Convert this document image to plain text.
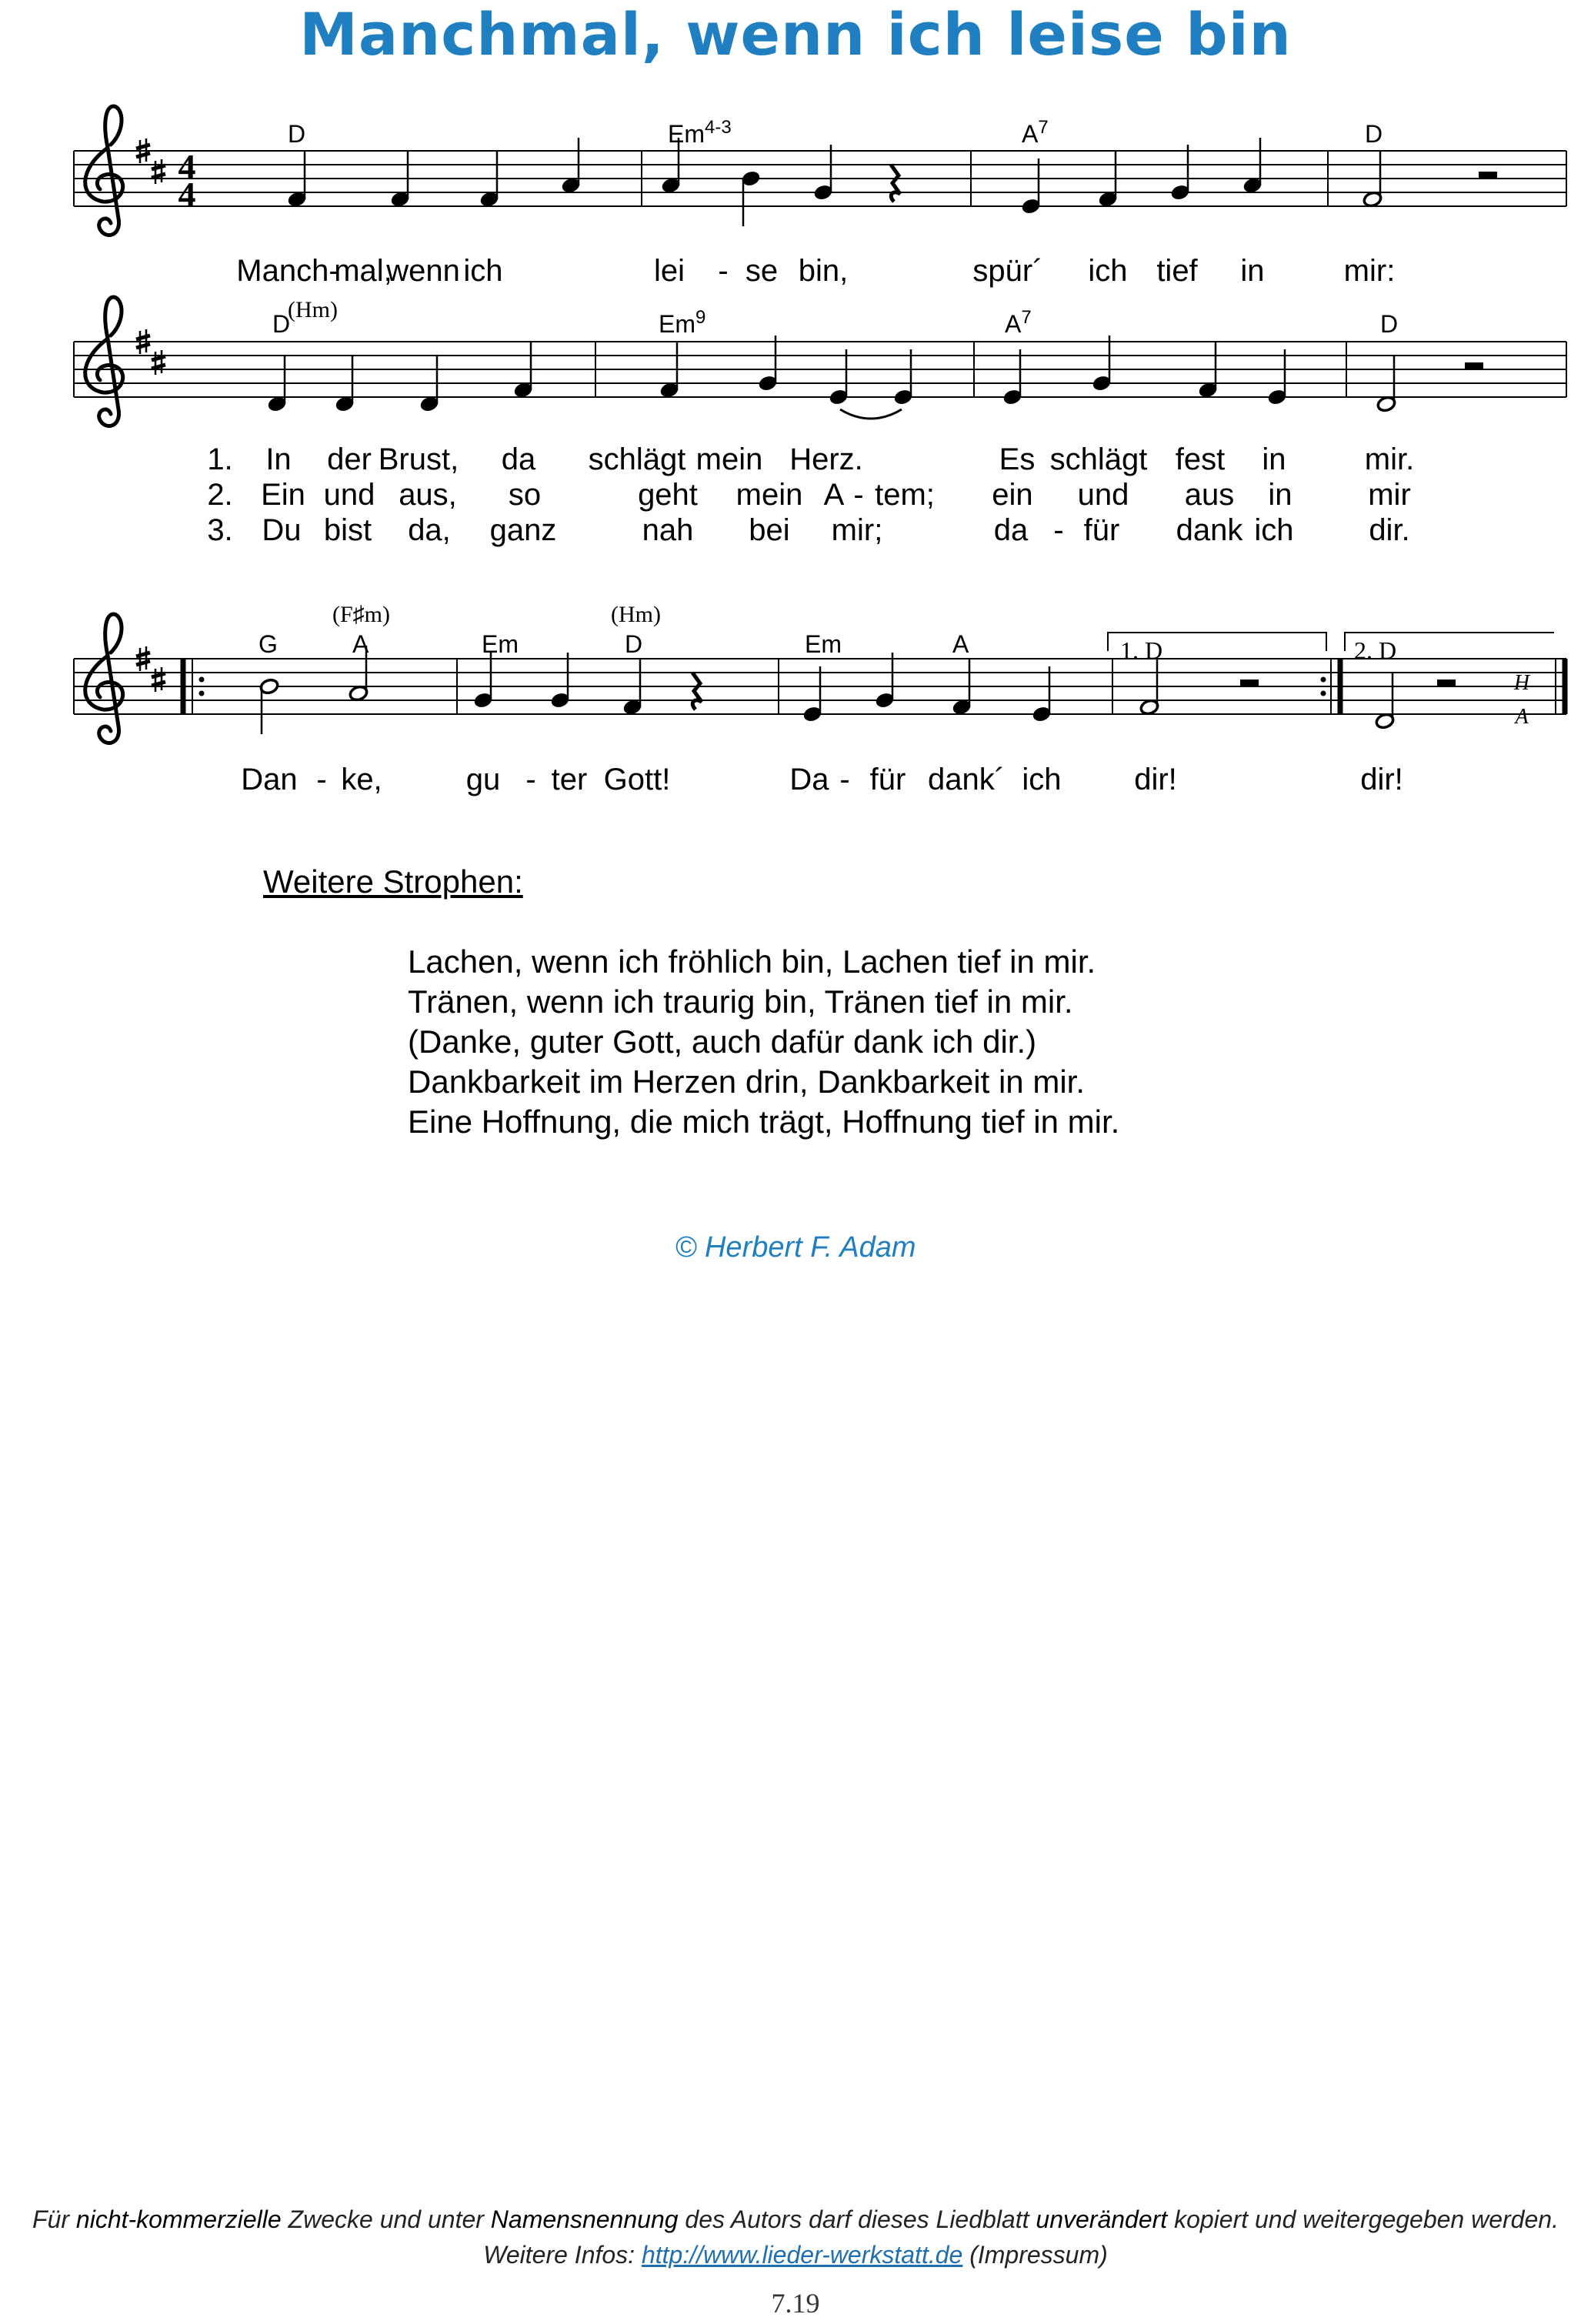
Manchmal, wenn ich leise bin
4
4
D	Em$^{4-3}$	$A^7$	D
Manch-
mal,
wenn ich	lei - se bin,	spür´ ich tief in	mir:
(Hm)
D	Em$^9$	$A^7$	D
1. In der Brust, da schlägt mein Herz.	Es schlägt fest in	mir.
2. Ein und aus, so	geht mein A - tem; ein und aus in mir
3. Du bist da, ganz	nah bei mir;	da - für dank ich dir.
(F♯m)	(Hm)
G	A	Em	D	Em	A	1. D	2. D
H
A
Dan - ke,	gu - ter Gott!	Da - für dank´ ich dir!	dir!
Weitere Strophen:
Lachen, wenn ich fröhlich bin, Lachen tief in mir.
Tränen, wenn ich traurig bin, Tränen tief in mir.
(Danke, guter Gott, auch dafür dank ich dir.)
Dankbarkeit im Herzen drin, Dankbarkeit in mir.
Eine Hoffnung, die mich trägt, Hoffnung tief in mir.
© Herbert F. Adam
Für nicht-kommerzielle Zwecke und unter Namensnennung des Autors darf dieses Liedblatt unverändert kopiert und weitergegeben werden.
Weitere Infos: http://www.lieder-werkstatt.de (Impressum)
7.19
